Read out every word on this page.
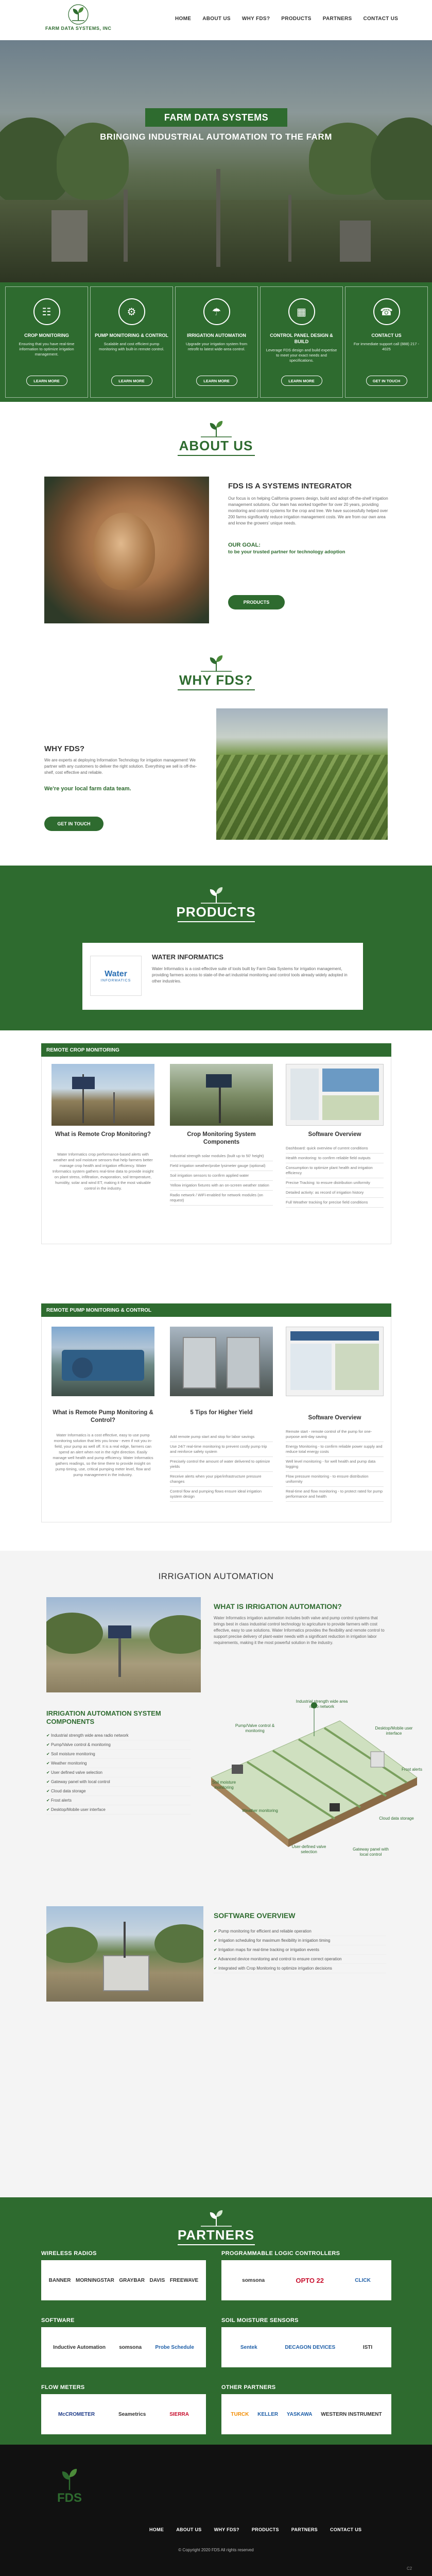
FARM DATA SYSTEMS, INC
HOME ABOUT US WHY FDS? PRODUCTS PARTNERS CONTACT US
FARM DATA SYSTEMS
BRINGING INDUSTRIAL AUTOMATION TO THE FARM
☷
CROP MONITORING
Ensuring that you have real-time information to optimize irrigation management.
LEARN MORE
⚙
PUMP MONITORING & CONTROL
Scalable and cost efficient pump monitoring with built-in remote control.
LEARN MORE
☂
IRRIGATION AUTOMATION
Upgrade your irrigation system from retrofit to latest wide-area control.
LEARN MORE
▦
CONTROL PANEL DESIGN & BUILD
Leverage FDS design and build expertise to meet your exact needs and specifications.
LEARN MORE
☎
CONTACT US
For immediate support call (888) 217 - 4025
GET IN TOUCH
ABOUT US
FDS IS A SYSTEMS INTEGRATOR

Our focus is on helping California growers design, build and adopt off-the-shelf irrigation management solutions. Our team has worked together for over 20 years, providing monitoring and control systems for the crop and tree. We have successfully helped over 200 farms significantly reduce irrigation management costs. We are from our own area and know the growers’ unique needs.

OUR GOAL:
to be your trusted partner for technology adoption
PRODUCTS
WHY FDS?
WHY FDS?

We are experts at deploying Information Technology for irrigation management! We partner with any customers to deliver the right solution. Everything we sell is off-the-shelf, cost effective and reliable.

We're your local farm data team.
GET IN TOUCH
PRODUCTS
Water
INFORMATICS
WATER INFORMATICS

Water Informatics is a cost-effective suite of tools built by Farm Data Systems for irrigation management, providing farmers access to state-of-the-art industrial monitoring and control tools already widely adopted in other industries.

REMOTE CROP MONITORING
What is Remote Crop Monitoring?
Water Informatics crop performance-based alerts with weather and soil moisture sensors that help farmers better manage crop health and irrigation efficiency. Water Informatics system gathers real-time data to provide insight on plant stress, infiltration, evaporation, soil temperature, humidity, solar and wind ET, making it the most valuable control in the industry.
Crop Monitoring System Components
Industrial strength solar modules (built up to 50' height)
Field irrigation weather/probe lysimeter gauge (optional)
Soil irrigation sensors to confirm applied water
Yellow irrigation fixtures with an on-screen weather station
Radio network / WiFi-enabled for network modules (on request)
Software Overview
Dashboard: quick overview of current conditions
Health monitoring: to confirm reliable field outputs
Consumption to optimize plant health and irrigation efficiency
Precise Tracking: to ensure distribution uniformity
Detailed activity: as record of irrigation history
Full Weather tracking for precise field conditions
REMOTE PUMP MONITORING & CONTROL
What is Remote Pump Monitoring & Control?
Water Informatics is a cost effective, easy to use pump monitoring solution that lets you know - even if not you in-field, your pump as well off. It is a real edge, farmers can spend an alert when not in the right direction. Easily manage well health and pump efficiency. Water Informatics gathers readings, so the time there to provide insight on pump timing, use, critical pumping meter level, flow and pump management in the industry.
5 Tips for Higher Yield
Add remote pump start and stop for labor savings
Use 24/7 real-time monitoring to prevent costly pump trip and reinforce safety system
Precisely control the amount of water delivered to optimize yields
Receive alerts when your pipe/infrastructure pressure changes
Control flow and pumping flows ensure ideal irrigation system design
Software Overview
Remote start - remote control of the pump for one-purpose anti-day saving
Energy Monitoring - to confirm reliable power supply and reduce total energy costs
Well level monitoring - for well health and pump data logging
Flow pressure monitoring - to ensure distribution uniformity
Real-time and flow monitoring - to protect rated for pump performance and health
IRRIGATION AUTOMATION
WHAT IS IRRIGATION AUTOMATION?

Water Informatics irrigation automation includes both valve and pump control systems that brings best in class industrial control technology to agriculture to provide farmers with cost effective, easy to use solutions. Water Informatics provides the flexibility and remote control to support precise delivery of plant-water needs with a significant reduction in irrigation labor requirements, making it the most powerful solution in the industry.

IRRIGATION AUTOMATION SYSTEM COMPONENTS
✔ Industrial strength wide area radio network
✔ Pump/Valve control & monitoring
✔ Soil moisture monitoring
✔ Weather monitoring
✔ User defined valve selection
✔ Gateway panel with local control
✔ Cloud data storage
✔ Frost alerts
✔ Desktop/Mobile user interface
Industrial strength wide area radio network
Pump/Valve control & monitoring
Desktop/Mobile user interface
Frost alerts
Soil moisture monitoring
Weather monitoring
Cloud data storage
User-defined valve selection
Gateway panel with local control
SOFTWARE OVERVIEW
✔ Pump monitoring for efficient and reliable operation
✔ Irrigation scheduling for maximum flexibility in irrigation timing
✔ Irrigation maps for real-time tracking or irrigation events
✔ Advanced device monitoring and control to ensure correct operation
✔ Integrated with Crop Monitoring to optimize irrigation decisions
PARTNERS
WIRELESS RADIOS
BANNER MORNINGSTAR GRAYBAR DAVIS FREEWAVE
PROGRAMMABLE LOGIC CONTROLLERS
somsona	OPTO 22	CLICK
SOFTWARE
Inductive Automation	somsona	Probe Schedule
SOIL MOISTURE SENSORS
Sentek	DECAGON DEVICES	ISTI
FLOW METERS
McCROMETER	Seametrics	SIERRA
OTHER PARTNERS
TURCK KELLER YASKAWA WESTERN INSTRUMENT
FDS
HOME	ABOUT US	WHY FDS?	PRODUCTS	PARTNERS	CONTACT US
© Copyright 2020 FDS All rights reserved
C2
